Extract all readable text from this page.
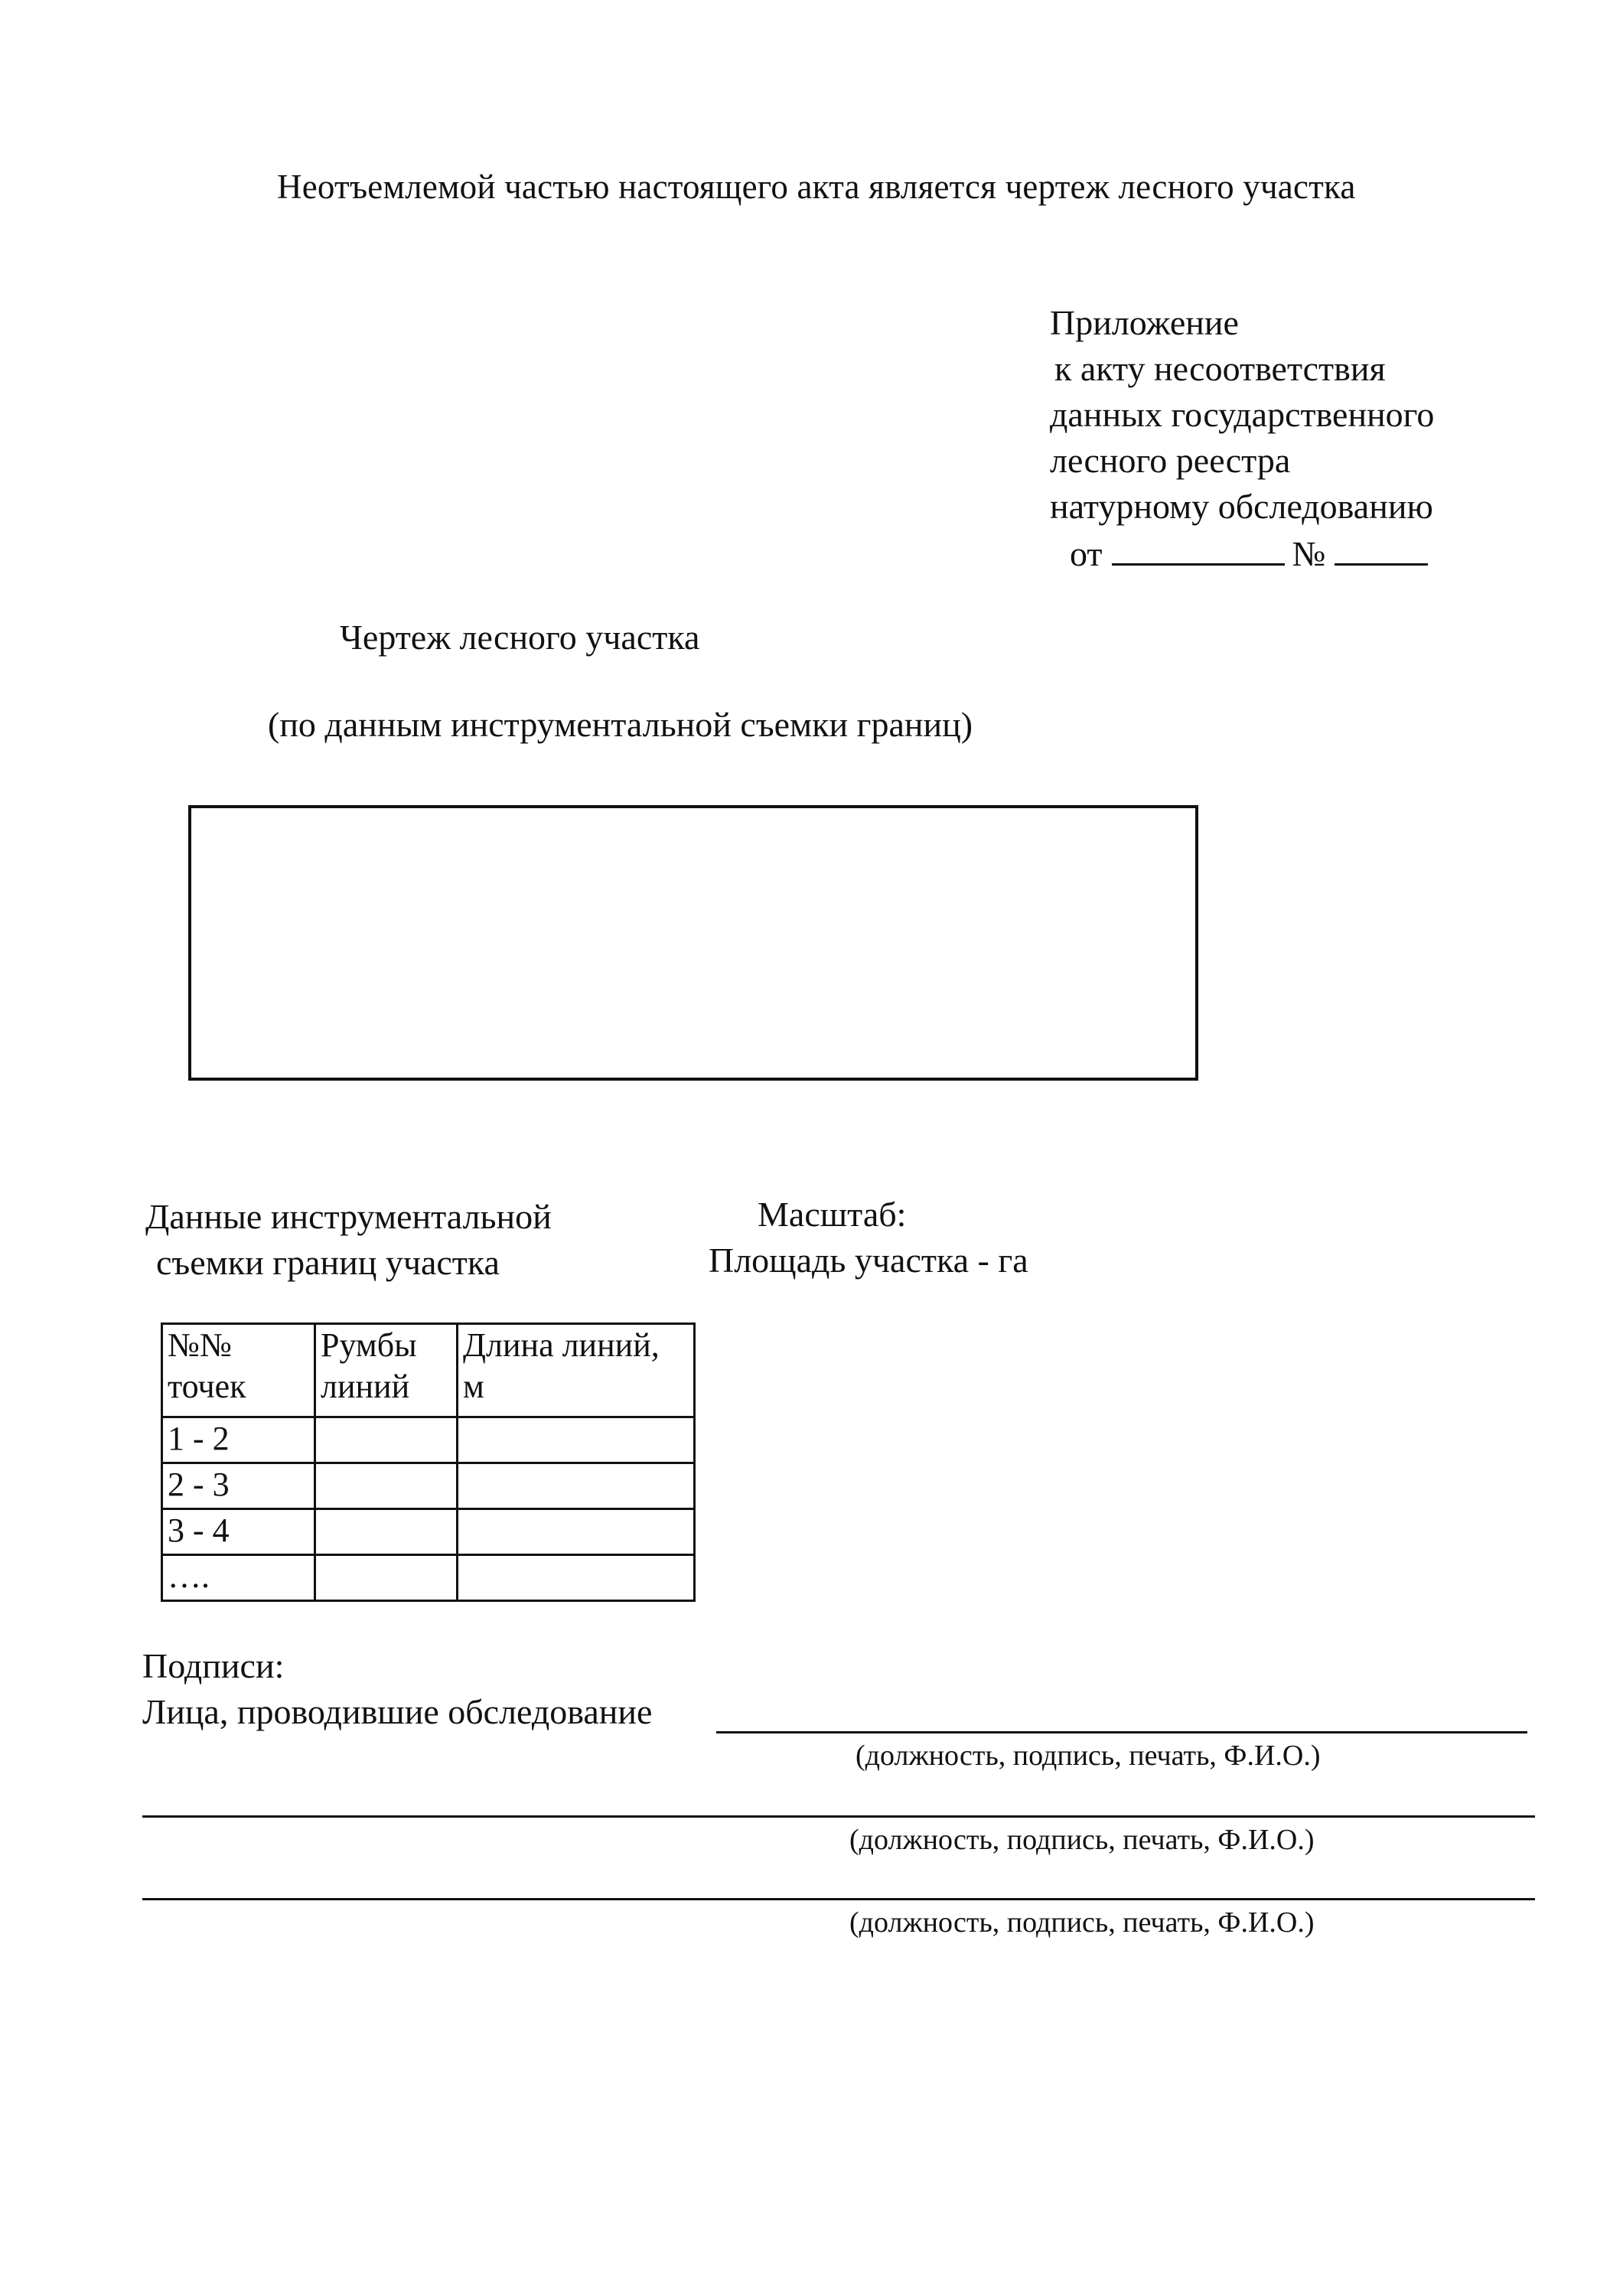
Неотъемлемой частью настоящего акта является чертеж лесного участка
Приложение
к акту несоответствия
данных государственного
лесного реестра
натурному обследованию
от	№
Чертеж лесного участка
(по данным инструментальной съемки границ)
Данные инструментальной
съемки границ участка
Масштаб:
Площадь участка - га
№№ точек	Румбы линий	Длина линий, м

1 - 2		
2 - 3		
3 - 4		
….		
Подписи:
Лица, проводившие обследование
(должность, подпись, печать, Ф.И.О.)
(должность, подпись, печать, Ф.И.О.)
(должность, подпись, печать, Ф.И.О.)
